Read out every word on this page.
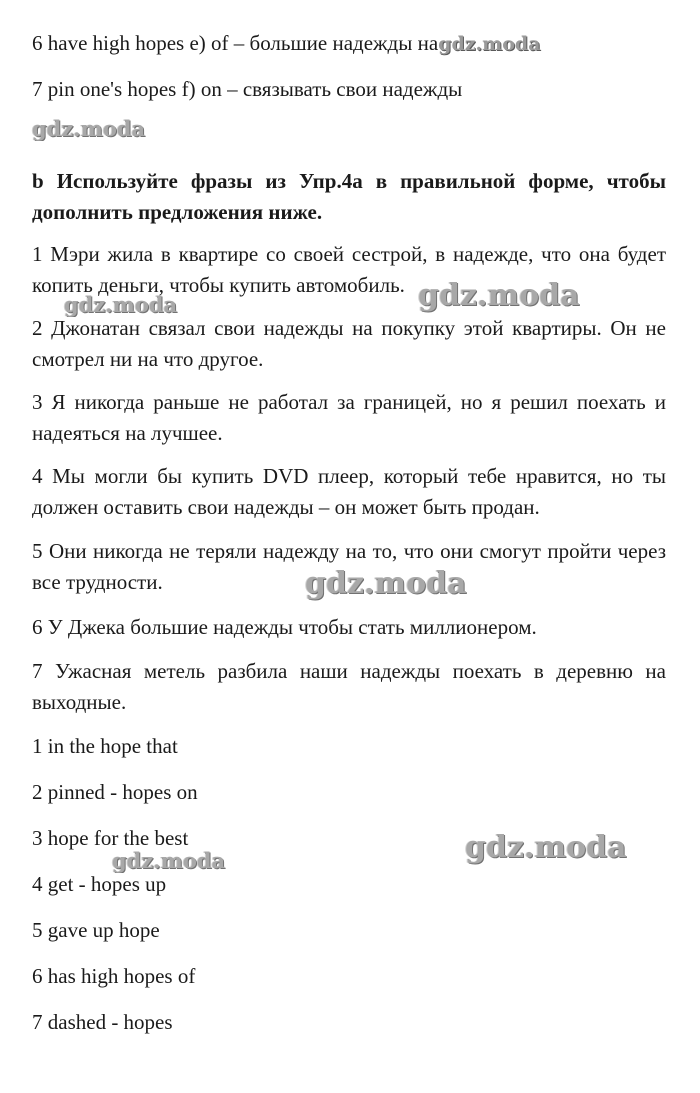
6 have high hopes e) of – большие надежды наgdz.moda
7 pin one's hopes f) on – связывать свои надежды
gdz.moda
b Используйте фразы из Упр.4a в правильной форме, чтобы дополнить предложения ниже.
1 Мэри жила в квартире со своей сестрой, в надежде, что она будет копить деньги, чтобы купить автомобиль.
gdz.moda	gdz.moda
2 Джонатан связал свои надежды на покупку этой квартиры. Он не смотрел ни на что другое.
3 Я никогда раньше не работал за границей, но я решил поехать и надеяться на лучшее.
4 Мы могли бы купить DVD плеер, который тебе нравится, но ты должен оставить свои надежды – он может быть продан.
5 Они никогда не теряли надежду на то, что они смогут пройти через все трудности.	gdz.moda
6 У Джека большие надежды чтобы стать миллионером.
7 Ужасная метель разбила наши надежды поехать в деревню на выходные.
1 in the hope that
2 pinned - hopes on
3 hope for the best
gdz.moda	gdz.moda
4 get - hopes up
5 gave up hope
6 has high hopes of
7 dashed - hopes
